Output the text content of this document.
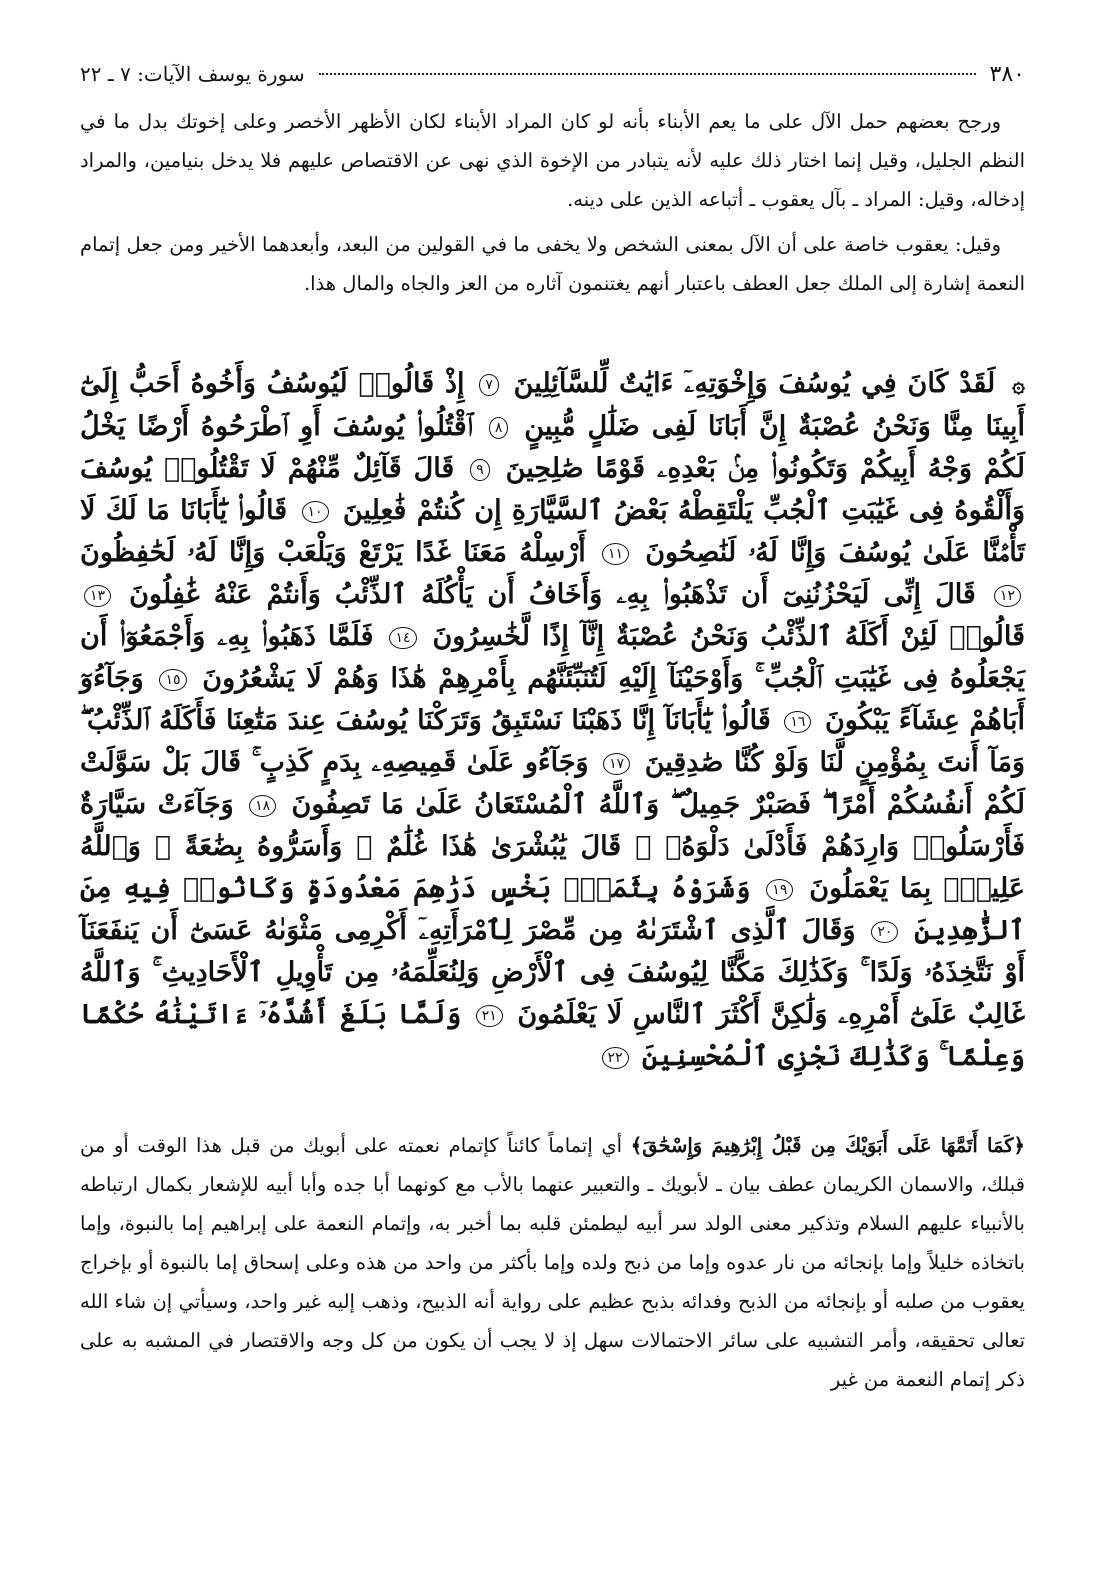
٣٨٠
سورة يوسف الآيات: ٧ ـ ٢٢

ورجح بعضهم حمل الآل على ما يعم الأبناء بأنه لو كان المراد الأبناء لكان الأظهر الأخصر وعلى إخوتك بدل ما في النظم الجليل، وقيل إنما اختار ذلك عليه لأنه يتبادر من الإخوة الذي نهى عن الاقتصاص عليهم فلا يدخل بنيامين، والمراد إدخاله، وقيل: المراد ـ بآل يعقوب ـ أتباعه الذين على دينه.

وقيل: يعقوب خاصة على أن الآل بمعنى الشخص ولا يخفى ما في القولين من البعد، وأبعدهما الأخير ومن جعل إتمام النعمة إشارة إلى الملك جعل العطف باعتبار أنهم يغتنمون آثاره من العز والجاه والمال هذا.

۞ لَقَدْ كَانَ فِي يُوسُفَ وَإِخْوَتِهِۦٓ ءَايَٰتٌ لِّلسَّآئِلِينَ ٧ إِذْ قَالُوا۟ لَيُوسُفُ وَأَخُوهُ أَحَبُّ إِلَىٰٓ أَبِينَا مِنَّا وَنَحْنُ عُصْبَةٌ إِنَّ أَبَانَا لَفِى ضَلَٰلٍ مُّبِينٍ ٨ ٱقْتُلُوا۟ يُوسُفَ أَوِ ٱطْرَحُوهُ أَرْضًا يَخْلُ لَكُمْ وَجْهُ أَبِيكُمْ وَتَكُونُوا۟ مِنۢ بَعْدِهِۦ قَوْمًا صَٰلِحِينَ ٩ قَالَ قَآئِلٌ مِّنْهُمْ لَا تَقْتُلُوا۟ يُوسُفَ وَأَلْقُوهُ فِى غَيَٰبَتِ ٱلْجُبِّ يَلْتَقِطْهُ بَعْضُ ٱلسَّيَّارَةِ إِن كُنتُمْ فَٰعِلِينَ ١٠ قَالُوا۟ يَٰٓأَبَانَا مَا لَكَ لَا تَأْمَ۫نَّا عَلَىٰ يُوسُفَ وَإِنَّا لَهُۥ لَنَٰصِحُونَ ١١ أَرْسِلْهُ مَعَنَا غَدًا يَرْتَعْ وَيَلْعَبْ وَإِنَّا لَهُۥ لَحَٰفِظُونَ ١٢ قَالَ إِنِّى لَيَحْزُنُنِىٓ أَن تَذْهَبُوا۟ بِهِۦ وَأَخَافُ أَن يَأْكُلَهُ ٱلذِّئْبُ وَأَنتُمْ عَنْهُ غَٰفِلُونَ ١٣ قَالُوا۟ لَئِنْ أَكَلَهُ ٱلذِّئْبُ وَنَحْنُ عُصْبَةٌ إِنَّآ إِذًا لَّخَٰسِرُونَ ١٤ فَلَمَّا ذَهَبُوا۟ بِهِۦ وَأَجْمَعُوٓا۟ أَن يَجْعَلُوهُ فِى غَيَٰبَتِ ٱلْجُبِّ ۚ وَأَوْحَيْنَآ إِلَيْهِ لَتُنَبِّئَنَّهُم بِأَمْرِهِمْ هَٰذَا وَهُمْ لَا يَشْعُرُونَ ١٥ وَجَآءُوٓ أَبَاهُمْ عِشَآءً يَبْكُونَ ١٦ قَالُوا۟ يَٰٓأَبَانَآ إِنَّا ذَهَبْنَا نَسْتَبِقُ وَتَرَكْنَا يُوسُفَ عِندَ مَتَٰعِنَا فَأَكَلَهُ ٱلذِّئْبُ ۖ وَمَآ أَنتَ بِمُؤْمِنٍ لَّنَا وَلَوْ كُنَّا صَٰدِقِينَ ١٧ وَجَآءُو عَلَىٰ قَمِيصِهِۦ بِدَمٍ كَذِبٍ ۚ قَالَ بَلْ سَوَّلَتْ لَكُمْ أَنفُسُكُمْ أَمْرًا ۖ فَصَبْرٌ جَمِيلٌ ۖ وَٱللَّهُ ٱلْمُسْتَعَانُ عَلَىٰ مَا تَصِفُونَ ١٨ وَجَآءَتْ سَيَّارَةٌ فَأَرْسَلُوا۟ وَارِدَهُمْ فَأَدْلَىٰ دَلْوَهُۥ ۖ قَالَ يَٰبُشْرَىٰ هَٰذَا غُلَٰمٌ ۚ وَأَسَرُّوهُ بِضَٰعَةً ۚ وَٱللَّهُ عَلِيمٌۢ بِمَا يَعْمَلُونَ ١٩ وَشَرَوْهُ بِثَمَنٍۭ بَخْسٍ دَرَٰهِمَ مَعْدُودَةٍ وَكَانُوا۟ فِيهِ مِنَ ٱلزَّٰهِدِينَ ٢٠ وَقَالَ ٱلَّذِى ٱشْتَرَىٰهُ مِن مِّصْرَ لِٱمْرَأَتِهِۦٓ أَكْرِمِى مَثْوَىٰهُ عَسَىٰٓ أَن يَنفَعَنَآ أَوْ نَتَّخِذَهُۥ وَلَدًا ۚ وَكَذَٰلِكَ مَكَّنَّا لِيُوسُفَ فِى ٱلْأَرْضِ وَلِنُعَلِّمَهُۥ مِن تَأْوِيلِ ٱلْأَحَادِيثِ ۚ وَٱللَّهُ غَالِبٌ عَلَىٰٓ أَمْرِهِۦ وَلَٰكِنَّ أَكْثَرَ ٱلنَّاسِ لَا يَعْلَمُونَ ٢١ وَلَمَّا بَلَغَ أَشُدَّهُۥٓ ءَاتَيْنَٰهُ حُكْمًا وَعِلْمًا ۚ وَكَذَٰلِكَ نَجْزِى ٱلْمُحْسِنِينَ ٢٢
﴿كَمَا أَتَمَّهَا عَلَى أَبَوَيْكَ مِن قَبْلُ إِبْرَٰهِيمَ وَإِسْحَٰقَ﴾ أي إتماماً كائناً كإتمام نعمته على أبويك من قبل هذا الوقت أو من قبلك، والاسمان الكريمان عطف بيان ـ لأبويك ـ والتعبير عنهما بالأب مع كونهما أبا جده وأبا أبيه للإشعار بكمال ارتباطه بالأنبياء عليهم السلام وتذكير معنى الولد سر أبيه ليطمئن قلبه بما أخبر به، وإتمام النعمة على إبراهيم إما بالنبوة، وإما باتخاذه خليلاً وإما بإنجائه من نار عدوه وإما من ذبح ولده وإما بأكثر من واحد من هذه وعلى إسحاق إما بالنبوة أو بإخراج يعقوب من صلبه أو بإنجائه من الذبح وفدائه بذبح عظيم على رواية أنه الذبيح، وذهب إليه غير واحد، وسيأتي إن شاء الله تعالى تحقيقه، وأمر التشبيه على سائر الاحتمالات سهل إذ لا يجب أن يكون من كل وجه والاقتصار في المشبه به على ذكر إتمام النعمة من غير
